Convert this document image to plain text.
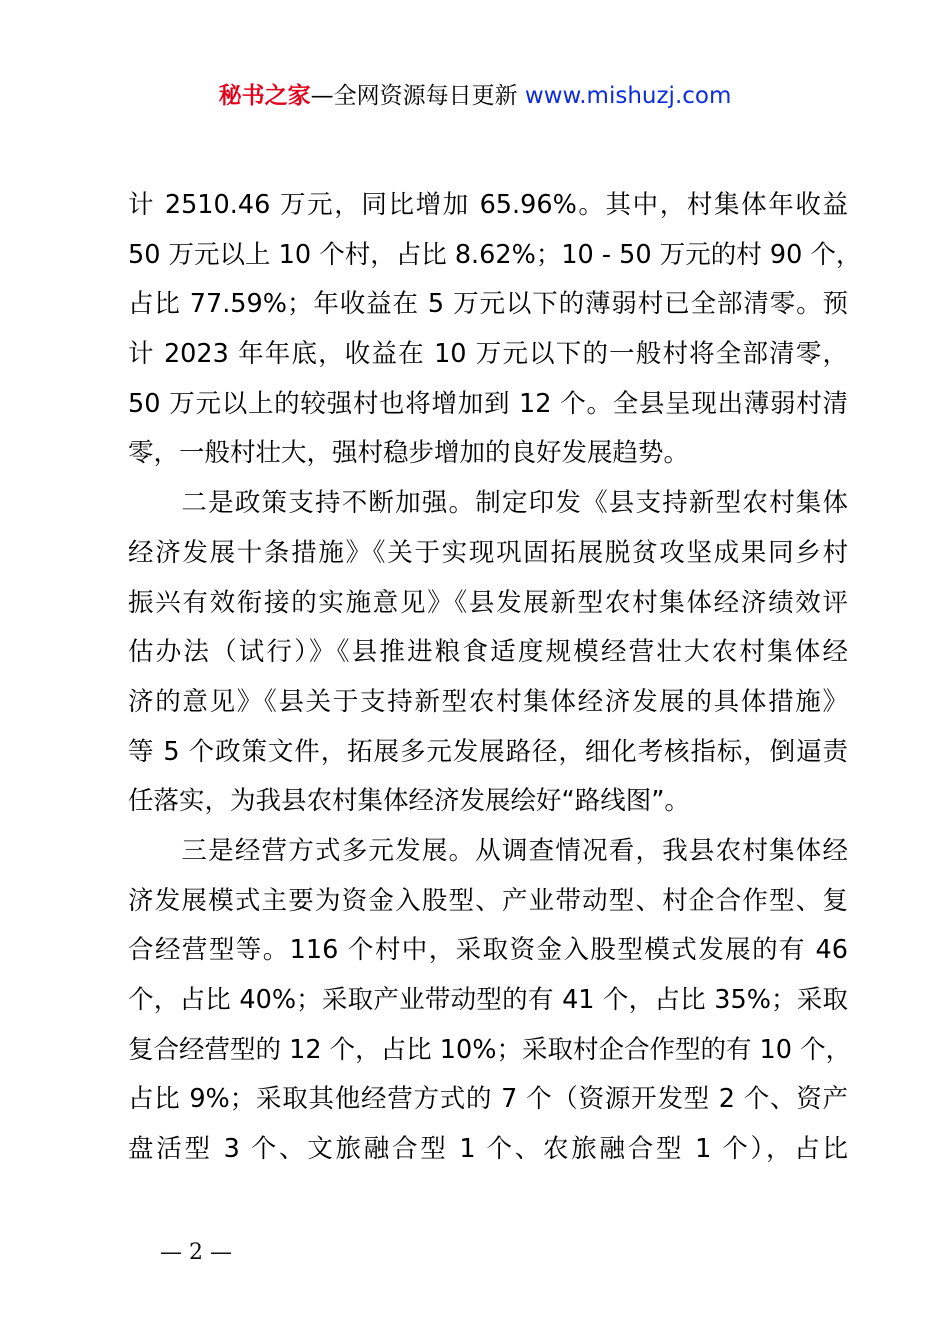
秘书之家—全网资源每日更新 www.mishuzj.com
计 2510.46 万元，同比增加 65.96%。其中，村集体年收益
50 万元以上 10 个村，占比 8.62%；10 - 50 万元的村 90 个，
占比 77.59%；年收益在 5 万元以下的薄弱村已全部清零。预
计 2023 年年底，收益在 10 万元以下的一般村将全部清零，
50 万元以上的较强村也将增加到 12 个。全县呈现出薄弱村清
零，一般村壮大，强村稳步增加的良好发展趋势。
　　二是政策支持不断加强。制定印发《县支持新型农村集体
经济发展十条措施》《关于实现巩固拓展脱贫攻坚成果同乡村
振兴有效衔接的实施意见》《县发展新型农村集体经济绩效评
估办法（试行）》《县推进粮食适度规模经营壮大农村集体经
济的意见》《县关于支持新型农村集体经济发展的具体措施》
等 5 个政策文件，拓展多元发展路径，细化考核指标，倒逼责
任落实，为我县农村集体经济发展绘好“路线图”。
　　三是经营方式多元发展。从调查情况看，我县农村集体经
济发展模式主要为资金入股型、产业带动型、村企合作型、复
合经营型等。116 个村中，采取资金入股型模式发展的有 46
个，占比 40%；采取产业带动型的有 41 个，占比 35%；采取
复合经营型的 12 个，占比 10%；采取村企合作型的有 10 个，
占比 9%；采取其他经营方式的 7 个（资源开发型 2 个、资产
盘活型 3 个、文旅融合型 1 个、农旅融合型 1 个），占比
— 2 —
